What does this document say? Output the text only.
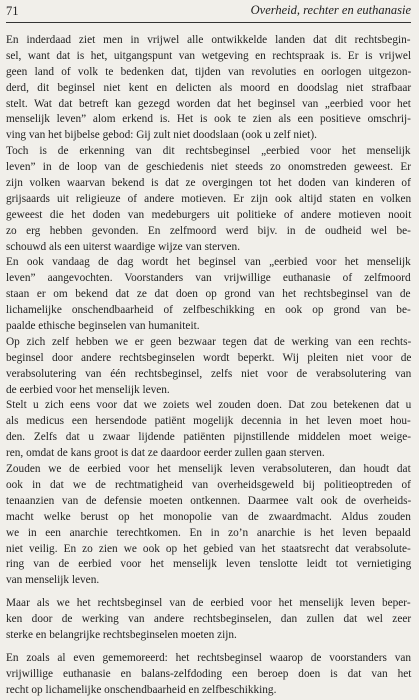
71	Overheid, rechter en euthanasie
En inderdaad ziet men in vrijwel alle ontwikkelde landen dat dit rechtsbegin-
sel, want dat is het, uitgangspunt van wetgeving en rechtspraak is. Er is vrijwel
geen land of volk te bedenken dat, tijden van revoluties en oorlogen uitgezon-
derd, dit beginsel niet kent en delicten als moord en doodslag niet strafbaar
stelt. Wat dat betreft kan gezegd worden dat het beginsel van „eerbied voor het
menselijk leven” alom erkend is. Het is ook te zien als een positieve omschrij-
ving van het bijbelse gebod: Gij zult niet doodslaan (ook u zelf niet).
Toch is de erkenning van dit rechtsbeginsel „eerbied voor het menselijk
leven” in de loop van de geschiedenis niet steeds zo onomstreden geweest. Er
zijn volken waarvan bekend is dat ze overgingen tot het doden van kinderen of
grijsaards uit religieuze of andere motieven. Er zijn ook altijd staten en volken
geweest die het doden van medeburgers uit politieke of andere motieven nooit
zo erg hebben gevonden. En zelfmoord werd bijv. in de oudheid wel be-
schouwd als een uiterst waardige wijze van sterven.
En ook vandaag de dag wordt het beginsel van „eerbied voor het menselijk
leven” aangevochten. Voorstanders van vrijwillige euthanasie of zelfmoord
staan er om bekend dat ze dat doen op grond van het rechtsbeginsel van de
lichamelijke onschendbaarheid of zelfbeschikking en ook op grond van be-
paalde ethische beginselen van humaniteit.
Op zich zelf hebben we er geen bezwaar tegen dat de werking van een rechts-
beginsel door andere rechtsbeginselen wordt beperkt. Wij pleiten niet voor de
verabsolutering van één rechtsbeginsel, zelfs niet voor de verabsolutering van
de eerbied voor het menselijk leven.
Stelt u zich eens voor dat we zoiets wel zouden doen. Dat zou betekenen dat u
als medicus een hersendode patiënt mogelijk decennia in het leven moet hou-
den. Zelfs dat u zwaar lijdende patiënten pijnstillende middelen moet weige-
ren, omdat de kans groot is dat ze daardoor eerder zullen gaan sterven.
Zouden we de eerbied voor het menselijk leven verabsoluteren, dan houdt dat
ook in dat we de rechtmatigheid van overheidsgeweld bij politieoptreden of
tenaanzien van de defensie moeten ontkennen. Daarmee valt ook de overheids-
macht welke berust op het monopolie van de zwaardmacht. Aldus zouden
we in een anarchie terechtkomen. En in zo’n anarchie is het leven bepaald
niet veilig. En zo zien we ook op het gebied van het staatsrecht dat verabsolute-
ring van de eerbied voor het menselijk leven tenslotte leidt tot vernietiging
van menselijk leven.
Maar als we het rechtsbeginsel van de eerbied voor het menselijk leven beper-
ken door de werking van andere rechtsbeginselen, dan zullen dat wel zeer
sterke en belangrijke rechtsbeginselen moeten zijn.
En zoals al even gememoreerd: het rechtsbeginsel waarop de voorstanders van
vrijwillige euthanasie en balans-zelfdoding een beroep doen is dat van het
recht op lichamelijke onschendbaarheid en zelfbeschikking.
